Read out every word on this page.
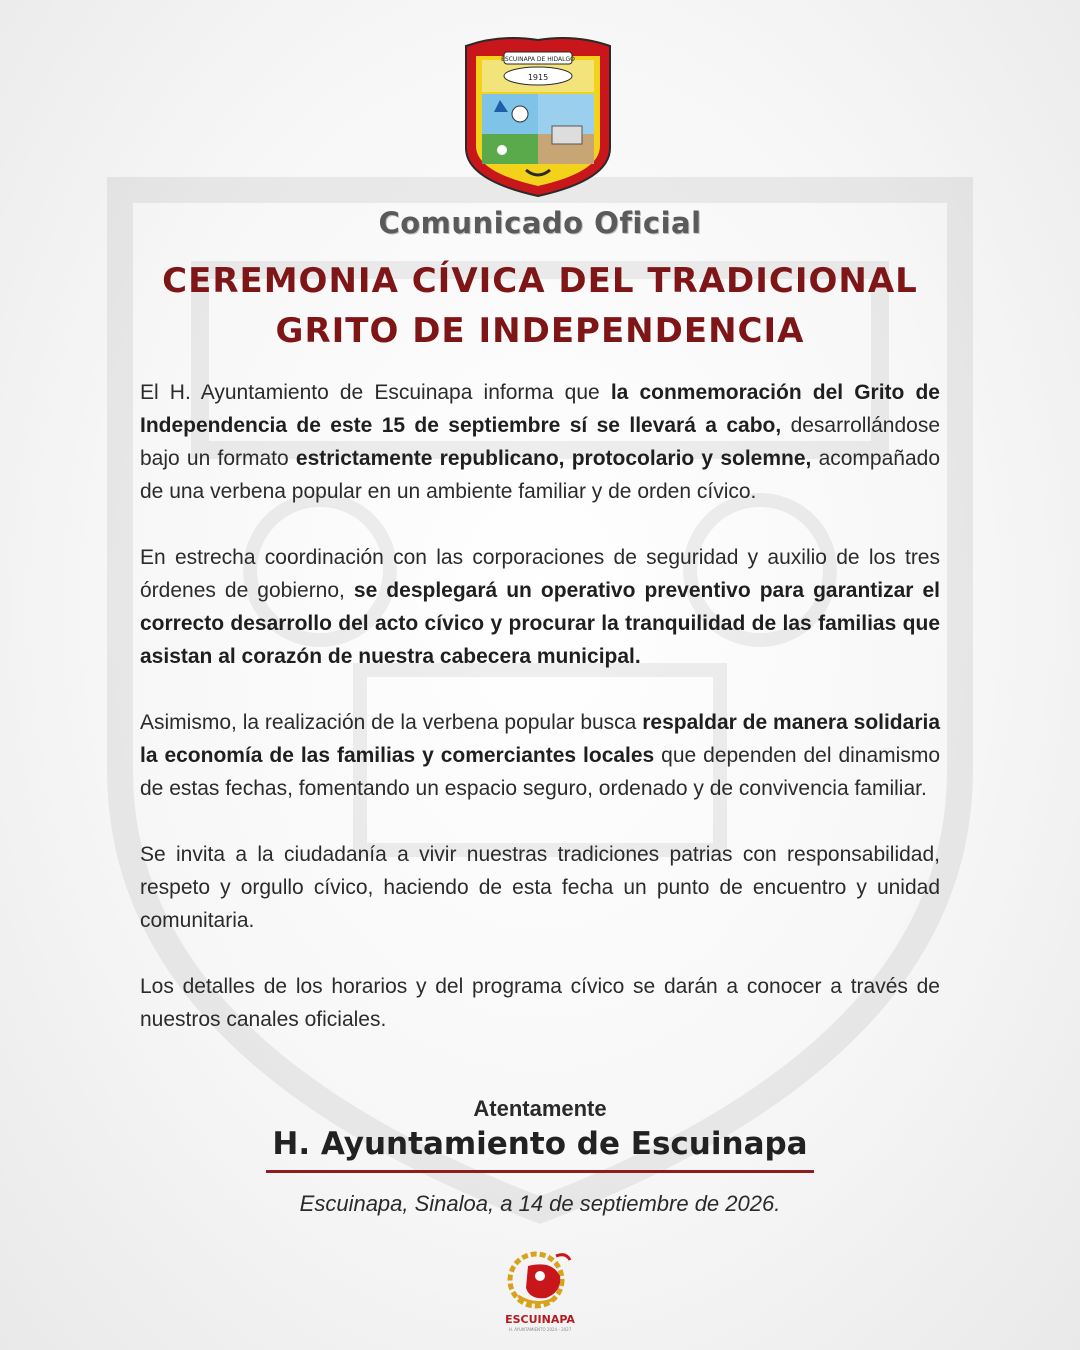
ESCUINAPA DE HIDALGO
1915
Comunicado Oficial
CEREMONIA CÍVICA DEL TRADICIONAL
GRITO DE INDEPENDENCIA

El H. Ayuntamiento de Escuinapa informa que la conmemoración del Grito de Independencia de este 15 de septiembre sí se llevará a cabo, desarrollándose bajo un formato estrictamente republicano, protocolario y solemne, acompañado de una verbena popular en un ambiente familiar y de orden cívico.

En estrecha coordinación con las corporaciones de seguridad y auxilio de los tres órdenes de gobierno, se desplegará un operativo preventivo para garantizar el correcto desarrollo del acto cívico y procurar la tranquilidad de las familias que asistan al corazón de nuestra cabecera municipal.

Asimismo, la realización de la verbena popular busca respaldar de manera solidaria la economía de las familias y comerciantes locales que dependen del dinamismo de estas fechas, fomentando un espacio seguro, ordenado y de convivencia familiar.

Se invita a la ciudadanía a vivir nuestras tradiciones patrias con responsabilidad, respeto y orgullo cívico, haciendo de esta fecha un punto de encuentro y unidad comunitaria.

Los detalles de los horarios y del programa cívico se darán a conocer a través de nuestros canales oficiales.

Atentamente
H. Ayuntamiento de Escuinapa
Escuinapa, Sinaloa, a 14 de septiembre de 2026.
ESCUINAPA
H. AYUNTAMIENTO 2024 - 2027
